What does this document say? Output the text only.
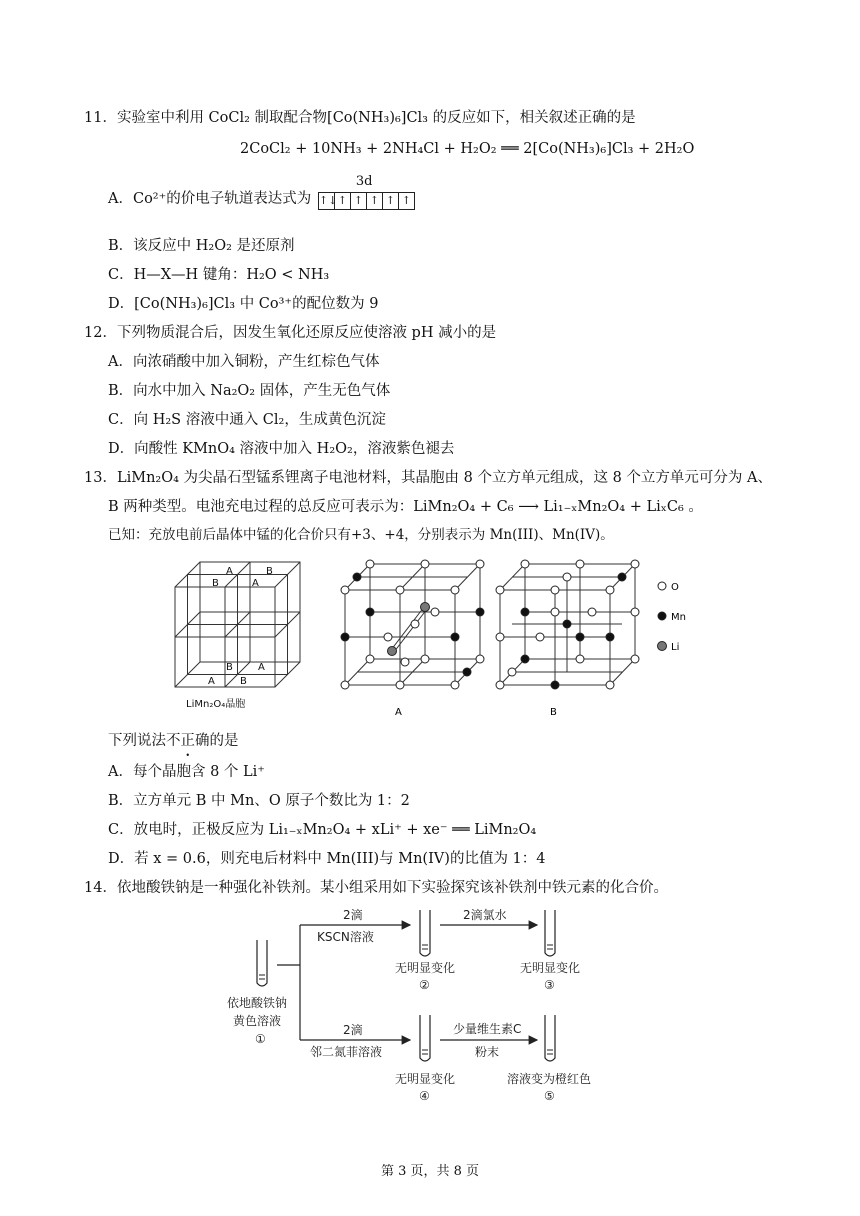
11．实验室中利用 CoCl₂ 制取配合物[Co(NH₃)₆]Cl₃ 的反应如下，相关叙述正确的是
2CoCl₂ + 10NH₃ + 2NH₄Cl + H₂O₂ ══ 2[Co(NH₃)₆]Cl₃ + 2H₂O
A．Co²⁺的价电子轨道表达式为
3d
↑↓ ↑ ↑ ↑ ↑ ↑
B．该反应中 H₂O₂ 是还原剂
C．H—X—H 键角：H₂O < NH₃
D．[Co(NH₃)₆]Cl₃ 中 Co³⁺的配位数为 9
12．下列物质混合后，因发生氧化还原反应使溶液 pH 减小的是
A．向浓硝酸中加入铜粉，产生红棕色气体
B．向水中加入 Na₂O₂ 固体，产生无色气体
C．向 H₂S 溶液中通入 Cl₂，生成黄色沉淀
D．向酸性 KMnO₄ 溶液中加入 H₂O₂，溶液紫色褪去
13．LiMn₂O₄ 为尖晶石型锰系锂离子电池材料，其晶胞由 8 个立方单元组成，这 8 个立方单元可分为 A、
B 两种类型。电池充电过程的总反应可表示为：LiMn₂O₄ + C₆ ⟶ Li₁₋ₓMn₂O₄ + LiₓC₆ 。
已知：充放电前后晶体中锰的化合价只有+3、+4，分别表示为 Mn(III)、Mn(IV)。
A	B
B	A
B	A
A	B
LiMn₂O₄晶胞
A	B
O
Mn
Li
下列说法不正确的是
A．每个晶胞含 8 个 Li⁺
B．立方单元 B 中 Mn、O 原子个数比为 1：2
C．放电时，正极反应为 Li₁₋ₓMn₂O₄ + xLi⁺ + xe⁻ ══ LiMn₂O₄
D．若 x = 0.6，则充电后材料中 Mn(III)与 Mn(IV)的比值为 1：4
14．依地酸铁钠是一种强化补铁剂。某小组采用如下实验探究该补铁剂中铁元素的化合价。
2滴
KSCN溶液
无明显变化
②
2滴氯水
无明显变化
③
依地酸铁钠
黄色溶液
①
2滴
邻二氮菲溶液
无明显变化
④
少量维生素C
粉末
溶液变为橙红色
⑤
第 3 页，共 8 页
